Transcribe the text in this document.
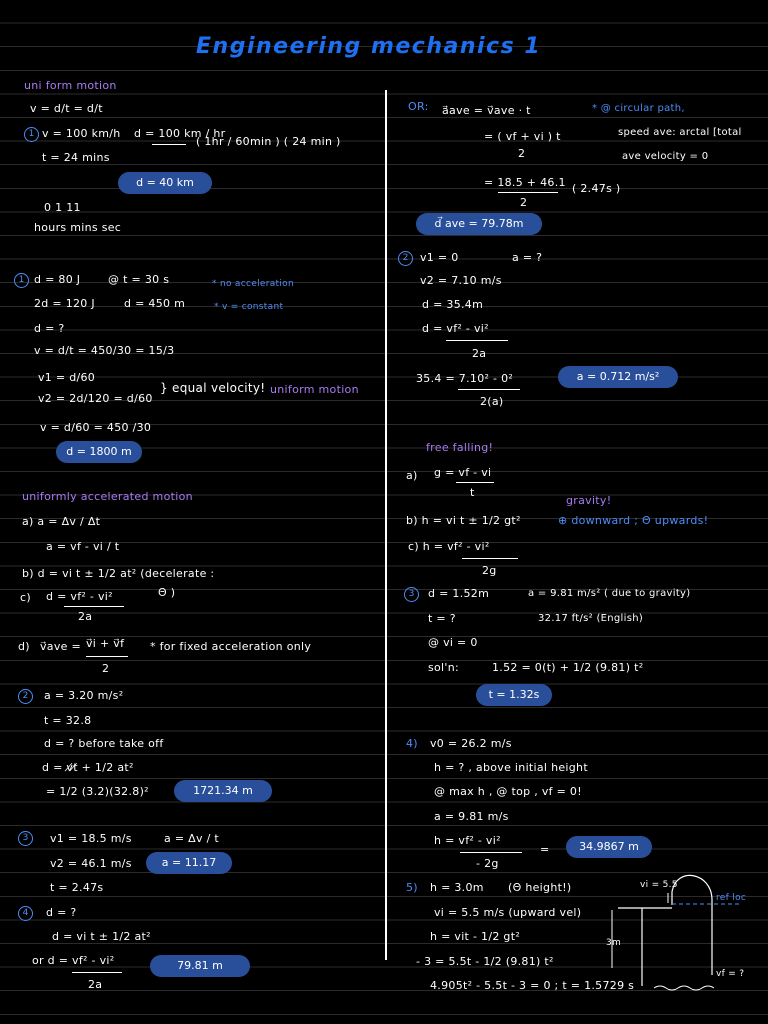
Engineering mechanics 1
uni form motion
v = d/t = d/t
1 v = 100 km/h
t = 24 mins
d = 100 km / hr
( 1hr / 60min ) ( 24 min )
d = 40 km
0 1 11
hours mins sec
1 d = 80 J	@ t = 30 s	* no acceleration
2d = 120 J	d = 450 m	* v = constant
d = ?
v = d/t = 450/30 = 15/3
v1 = d/60
v2 = 2d/120 = d/60
} equal velocity! uniform motion
v = d/60 = 450 /30
d = 1800 m
uniformly accelerated motion
a) a = Δv / Δt
a = vf - vi / t
b) d = vi t ± 1/2 at² (decelerate :
c) d = vf² - vi²
2a
Θ )
d) v⃗ave = v⃗i + v⃗f
2
* for fixed acceleration only
2	a = 3.20 m/s²
t = 32.8
d = ? before take off
d = v̸t̸ + 1/2 at²
= 1/2 (3.2)(32.8)²	1721.34 m
3	v1 = 18.5 m/s	a = Δv / t
v2 = 46.1 m/s	a = 11.17
t = 2.47s
4	d = ?
d = vi t ± 1/2 at²
or d = vf² - vi²
2a
79.81 m
OR: a⃗ave = v⃗ave · t
= ( vf + vi ) t
2
= 18.5 + 46.1 ( 2.47s )
2
d⃗ ave = 79.78m
* @ circular path,
speed ave: arctal [total
ave velocity = 0
2	v1 = 0	a = ?
v2 = 7.10 m/s
d = 35.4m
d = vf² - vi²
2a
35.4 = 7.10² - 0²
2(a)
a = 0.712 m/s²
free falling!
a) g = vf - vi
t
gravity!
b) h = vi t ± 1/2 gt²	⊕ downward ; Θ upwards!
c) h = vf² - vi²
2g
3	d = 1.52m	a = 9.81 m/s² ( due to gravity)
t = ?	32.17 ft/s² (English)
@ vi = 0
sol'n:	1.52 = 0(t) + 1/2 (9.81) t²
t = 1.32s
4) v0 = 26.2 m/s
h = ? , above initial height
@ max h , @ top , vf = 0!
a = 9.81 m/s
h = vf² - vi²
- 2g
=	34.9867 m
5) h = 3.0m (Θ height!)
vi = 5.5 m/s (upward vel)
h = vit - 1/2 gt²
- 3 = 5.5t - 1/2 (9.81) t²
4.905t² - 5.5t - 3 = 0 ; t = 1.5729 s
vi = 5.5
ref loc
3m
vf = ?
